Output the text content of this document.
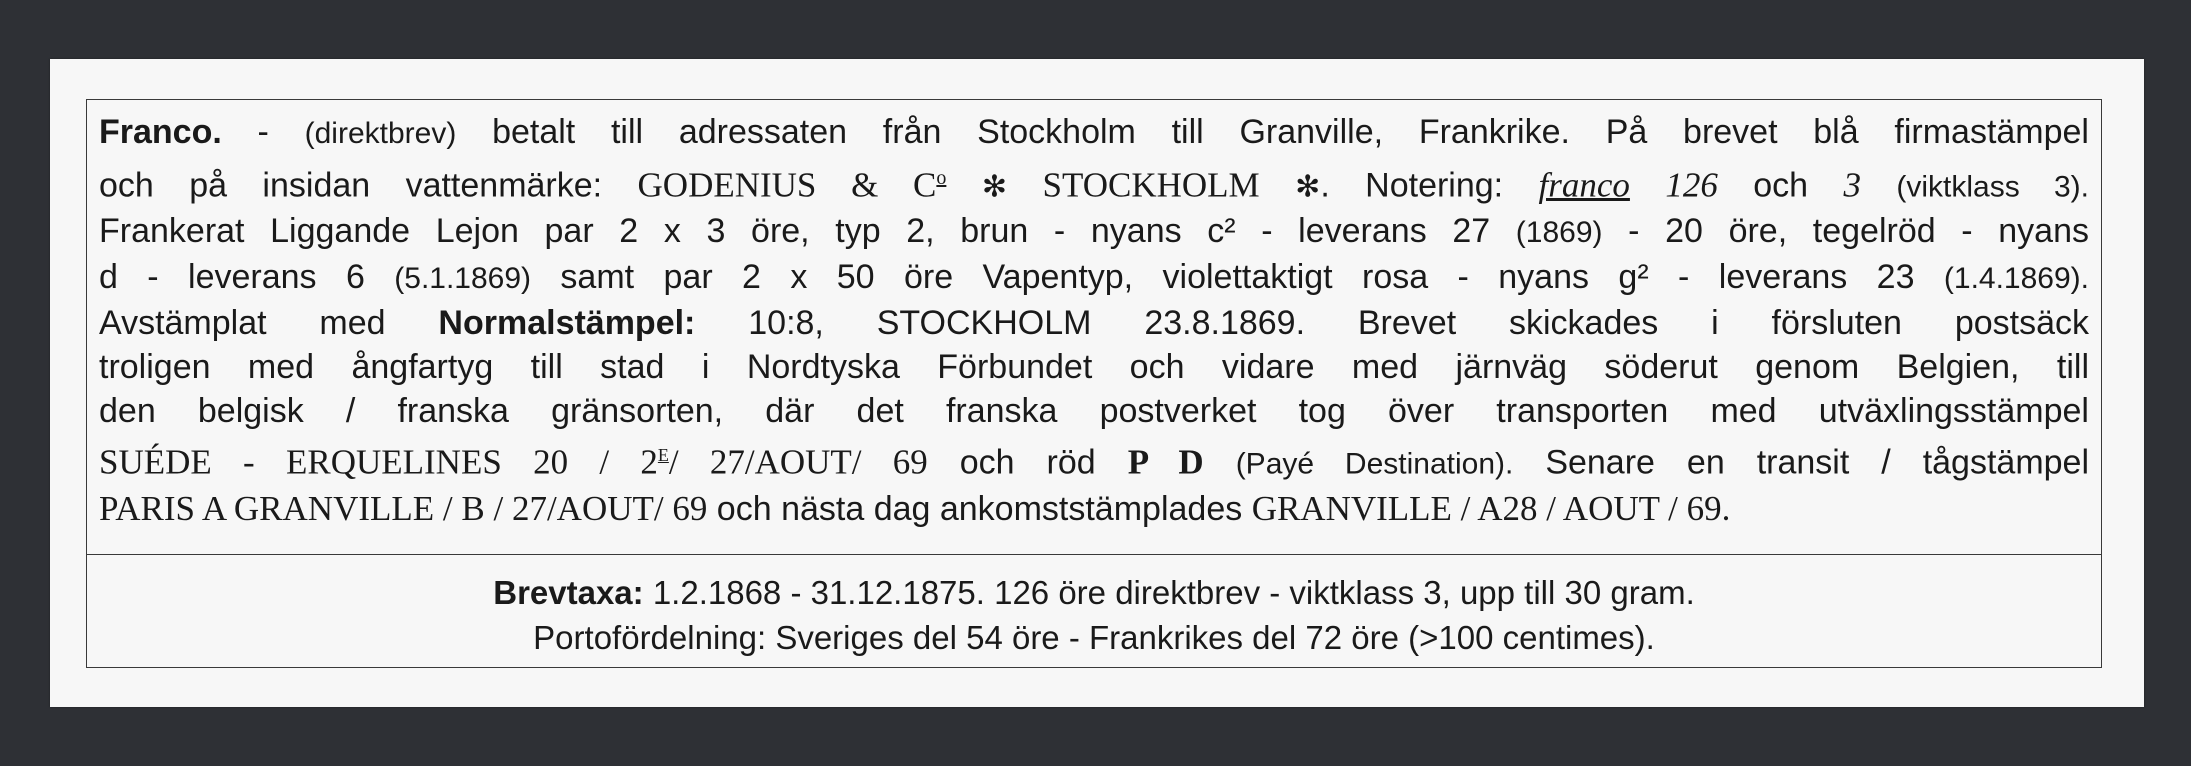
Franco. - (direktbrev) betalt till adressaten från Stockholm till Granville, Frankrike. På brevet blå firmastämpel
och på insidan vattenmärke: GODENIUS & $C^o$ ✻ STOCKHOLM ✻. Notering: franco 126 och 3 (viktklass 3).
Frankerat Liggande Lejon par 2 x 3 öre, typ 2, brun - nyans c² - leverans 27 (1869) - 20 öre, tegelröd - nyans
d - leverans 6 (5.1.1869) samt par 2 x 50 öre Vapentyp, violettaktigt rosa - nyans g² - leverans 23 (1.4.1869).
Avstämplat med Normalstämpel: 10:8, STOCKHOLM 23.8.1869. Brevet skickades i försluten postsäck
troligen med ångfartyg till stad i Nordtyska Förbundet och vidare med järnväg söderut genom Belgien, till
den belgisk / franska gränsorten, där det franska postverket tog över transporten med utväxlingsstämpel
SUÉDE - ERQUELINES $20 / 2^E/$ 27/AOUT/ 69 och röd P D (Payé Destination). Senare en transit / tågstämpel
PARIS A GRANVILLE / B / 27/AOUT/ 69 och nästa dag ankomststämplades GRANVILLE / A28 / AOUT / 69.
Brevtaxa: 1.2.1868 - 31.12.1875. 126 öre direktbrev - viktklass 3, upp till 30 gram.
Portofördelning: Sveriges del 54 öre - Frankrikes del 72 öre (>100 centimes).
